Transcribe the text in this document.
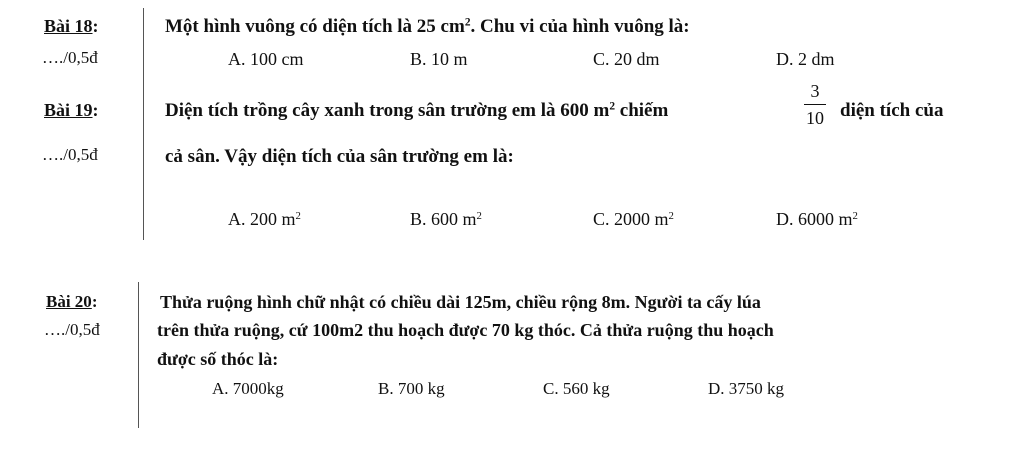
Bài 18:
…./0,5đ
Một hình vuông có diện tích là 25 $cm^2$. Chu vi của hình vuông là:
A. 100 cm	B. 10 m	C. 20 dm	D. 2 dm
Bài 19:
…./0,5đ
Diện tích trồng cây xanh trong sân trường em là 600 $m^2$ chiếm
3
10 diện tích của
cả sân. Vậy diện tích của sân trường em là:
A. 200 $m^2$	B. 600 $m^2$	C. 2000 $m^2$	D. 6000 $m^2$
Bài 20:
…./0,5đ
Thửa ruộng hình chữ nhật có chiều dài 125m, chiều rộng 8m. Người ta cấy lúa
trên thửa ruộng, cứ 100m2 thu hoạch được 70 kg thóc. Cả thửa ruộng thu hoạch
được số thóc là:
A. 7000kg	B. 700 kg	C. 560 kg	D. 3750 kg
